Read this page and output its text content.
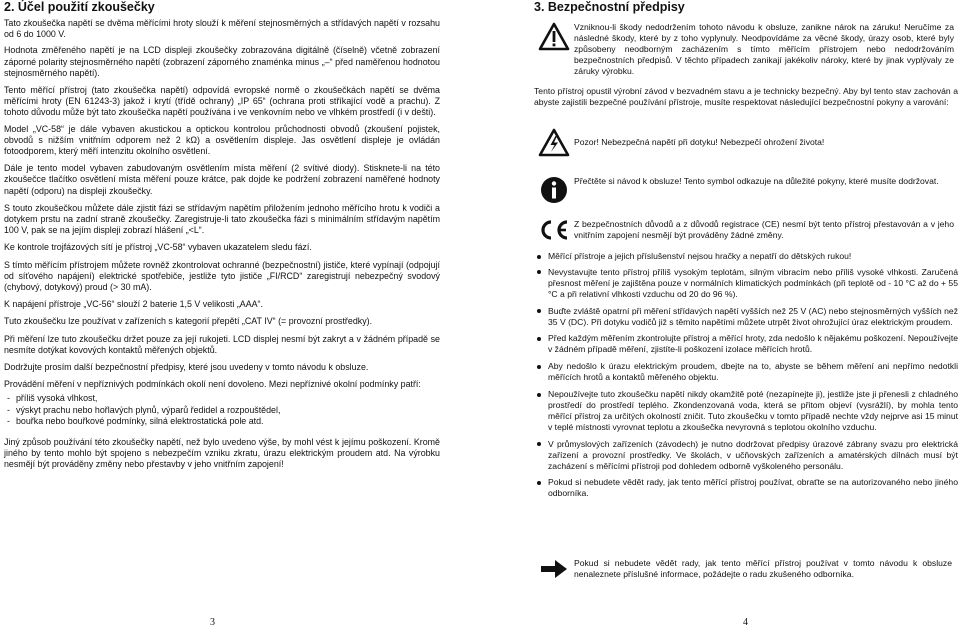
2. Účel použití zkoušečky

Tato zkoušečka napětí se dvěma měřícími hroty slouží k měření stejnosměrných a střídavých napětí v rozsahu od 6 do 1000 V.

Hodnota změřeného napětí je na LCD displeji zkoušečky zobrazována digitálně (číselně) včetně zobrazení záporné polarity stejnosměrného napětí (zobrazení záporného znaménka minus „–“ před naměřenou hodnotou stejnosměrného napětí).

Tento měřící přístroj (tato zkoušečka napětí) odpovídá evropské normě o zkoušečkách napětí se dvěma měřícími hroty (EN 61243-3) jakož i krytí (třídě ochrany) „IP 65“ (ochrana proti stříkající vodě a prachu). Z tohoto důvodu může být tato zkoušečka napětí používána i ve venkovním nebo ve vlhkém prostředí (i v dešti).

Model „VC-58“ je dále vybaven akustickou a optickou kontrolou průchodnosti obvodů (zkoušení pojistek, obvodů s nižším vnitřním odporem než 2 kΩ) a osvětlením displeje. Jas osvětlení displeje je ovládán fotoodporem, který měří intenzitu okolního osvětlení.

Dále je tento model vybaven zabudovaným osvětlením místa měření (2 svítivé diody). Stisknete-li na této zkoušečce tlačítko osvětlení místa měření pouze krátce, pak dojde ke podržení zobrazení naměřené hodnoty napětí (odporu) na displeji zkoušečky.

S touto zkoušečkou můžete dále zjistit fázi se střídavým napětím přiložením jednoho měřícího hrotu k vodiči a dotykem prstu na zadní straně zkoušečky. Zaregistruje-li tato zkoušečka fázi s minimálním střídavým napětím 100 V, pak se na jejím displeji zobrazí hlášení „<L“.

Ke kontrole trojfázových sítí je přístroj „VC-58“ vybaven ukazatelem sledu fází.

S tímto měřícím přístrojem můžete rovněž zkontrolovat ochranné (bezpečnostní) jističe, které vypínají (odpojují od síťového napájení) elektrické spotřebiče, jestliže tyto jističe „FI/RCD“ zaregistrují nebezpečný svodový (chybový, dotykový) proud (> 30 mA).

K napájení přístroje „VC-56“ slouží 2 baterie 1,5 V velikosti „AAA“.

Tuto zkoušečku lze používat v zařízeních s kategorií přepětí „CAT IV“ (= provozní prostředky).

Při měření lze tuto zkoušečku držet pouze za její rukojeti. LCD displej nesmí být zakryt a v žádném případě se nesmíte dotýkat kovových kontaktů měřených objektů.

Dodržujte prosím další bezpečnostní předpisy, které jsou uvedeny v tomto návodu k obsluze.

Provádění měření v nepříznivých podmínkách okolí není dovoleno. Mezi nepříznivé okolní podmínky patří:

- příliš vysoká vlhkost,
- výskyt prachu nebo hořlavých plynů, výparů ředidel a rozpouštědel,
- bouřka nebo bouřkové podmínky, silná elektrostatická pole atd.

Jiný způsob používání této zkoušečky napětí, než bylo uvedeno výše, by mohl vést k jejímu poškození. Kromě jiného by tento mohlo být spojeno s nebezpečím vzniku zkratu, úrazu elektrickým proudem atd. Na výrobku nesmějí být prováděny změny nebo přestavby v jeho vnitřním zapojení!

3
3. Bezpečnostní předpisy
Vzniknou-li škody nedodržením tohoto návodu k obsluze, zanikne nárok na záruku! Neručíme za následné škody, které by z toho vyplynuly. Neodpovídáme za věcné škody, úrazy osob, které byly způsobeny neodborným zacházením s tímto měřícím přístrojem nebo nedodržováním bezpečnostních předpisů. V těchto případech zanikají jakékoliv nároky, které by jinak vyplývaly ze záruky výrobku.

Tento přístroj opustil výrobní závod v bezvadném stavu a je technicky bezpečný. Aby byl tento stav zachován a abyste zajistili bezpečné používání přístroje, musíte respektovat následující bezpečnostní pokyny a varování:

Pozor! Nebezpečná napětí při dotyku! Nebezpečí ohrožení života!
Přečtěte si návod k obsluze! Tento symbol odkazuje na důležité pokyny, které musíte dodržovat.
Z bezpečnostních důvodů a z důvodů registrace (CE) nesmí být tento přístroj přestavován a v jeho vnitřním zapojení nesmějí být prováděny žádné změny.
Měřící přístroje a jejich příslušenství nejsou hračky a nepatří do dětských rukou!
Nevystavujte tento přístroj příliš vysokým teplotám, silným vibracím nebo příliš vysoké vlhkosti. Zaručená přesnost měření je zajištěna pouze v normálních klimatických podmínkách (při teplotě od - 10 °C až do + 55 °C a při relativní vlhkosti vzduchu od 20 do 96 %).
Buďte zvláště opatrní při měření střídavých napětí vyšších než 25 V (AC) nebo stejnosměrných vyšších než 35 V (DC). Při dotyku vodičů již s těmito napětími můžete utrpět život ohrožující úraz elektrickým proudem.
Před každým měřením zkontrolujte přístroj a měřící hroty, zda nedošlo k nějakému poškození. Nepoužívejte v žádném případě měření, zjistíte-li poškození izolace měřících hrotů.
Aby nedošlo k úrazu elektrickým proudem, dbejte na to, abyste se během měření ani nepřímo nedotkli měřících hrotů a kontaktů měřeného objektu.
Nepoužívejte tuto zkoušečku napětí nikdy okamžitě poté (nezapínejte ji), jestliže jste ji přenesli z chladného prostředí do prostředí teplého. Zkondenzovaná voda, která se přitom objeví (vysrážlí), by mohla tento měřící přístroj za určitých okolností zničit. Tuto zkoušečku v tomto případě nechte vždy nejprve asi 15 minut v teplé místnosti vyrovnat teplotu a zkoušečka nevyrovná s teplotou okolního vzduchu.
V průmyslových zařízeních (závodech) je nutno dodržovat předpisy úrazové zábrany svazu pro elektrická zařízení a provozní prostředky. Ve školách, v učňovských zařízeních a amatérských dílnách musí být zacházení s měřícími přístroji pod dohledem odborně vyškoleného personálu.
Pokud si nebudete vědět rady, jak tento měřící přístroj používat, obraťte se na autorizovaného nebo jiného odborníka.
Pokud si nebudete vědět rady, jak tento měřící přístroj používat v tomto návodu k obsluze nenaleznete příslušné informace, požádejte o radu zkušeného odborníka.
4
